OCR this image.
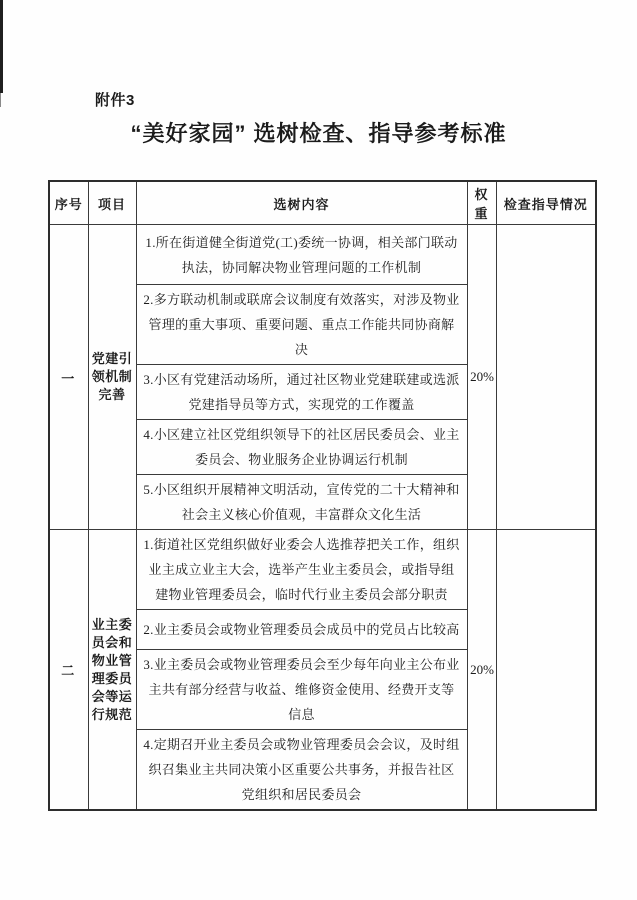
附件3
“美好家园” 选树检查、指导参考标准
序号	项目	选树内容	权重	检查指导情况
一	党建引领机制完善	1.所在街道健全街道党(工)委统一协调，相关部门联动执法，协同解决物业管理问题的工作机制	20%	
		2.多方联动机制或联席会议制度有效落实，对涉及物业管理的重大事项、重要问题、重点工作能共同协商解决		
		3.小区有党建活动场所，通过社区物业党建联建或选派党建指导员等方式，实现党的工作覆盖		
		4.小区建立社区党组织领导下的社区居民委员会、业主委员会、物业服务企业协调运行机制		
		5.小区组织开展精神文明活动，宣传党的二十大精神和社会主义核心价值观，丰富群众文化生活		
二	业主委员会和物业管理委员会等运行规范	1.街道社区党组织做好业委会人选推荐把关工作，组织业主成立业主大会，选举产生业主委员会，或指导组建物业管理委员会，临时代行业主委员会部分职责	20%	
		2.业主委员会或物业管理委员会成员中的党员占比较高		
		3.业主委员会或物业管理委员会至少每年向业主公布业主共有部分经营与收益、维修资金使用、经费开支等信息		
		4.定期召开业主委员会或物业管理委员会会议，及时组织召集业主共同决策小区重要公共事务，并报告社区党组织和居民委员会		
